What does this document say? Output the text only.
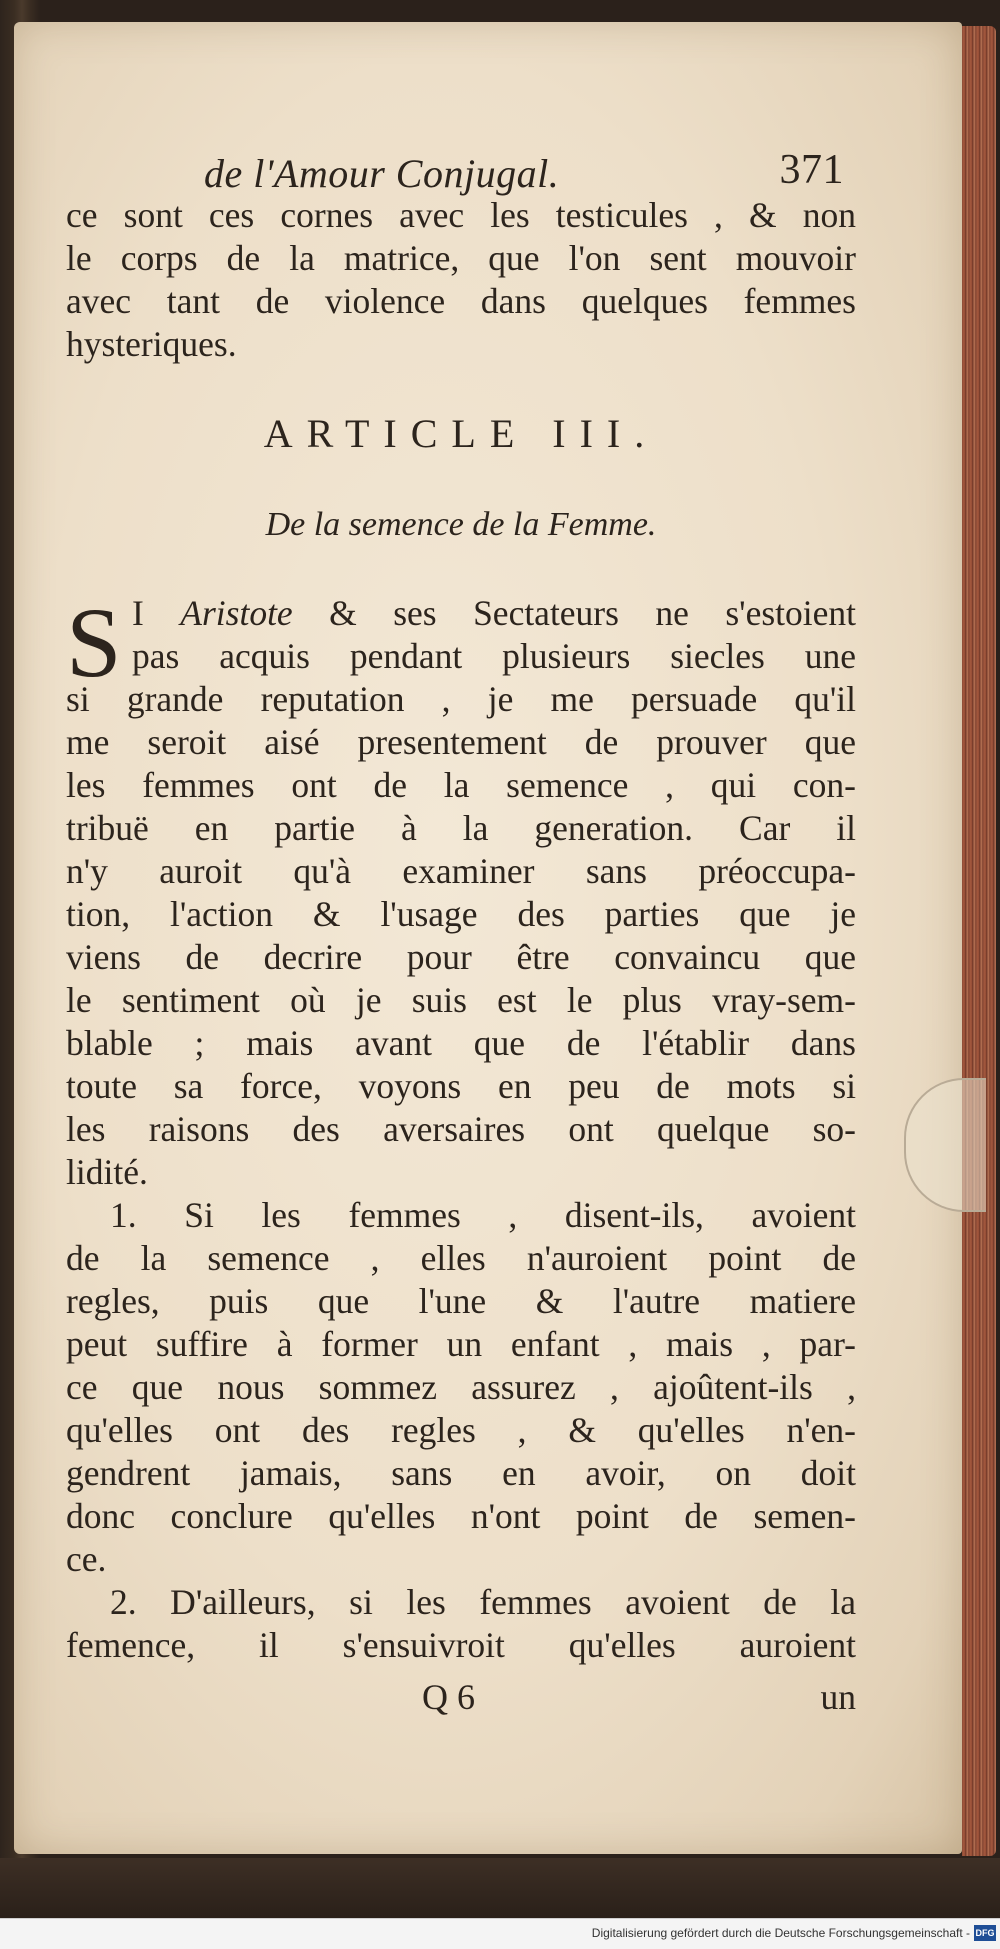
de l'Amour Conjugal.	371
ce sont ces cornes avec les testicules , & non
le corps de la matrice, que l'on sent mouvoir
avec tant de violence dans quelques femmes
hysteriques.
ARTICLE III.
De la semence de la Femme.
S I Aristote & ses Sectateurs ne s'estoient
pas acquis pendant plusieurs siecles une
si grande reputation , je me persuade qu'il
me seroit aisé presentement de prouver que
les femmes ont de la semence , qui con-
tribuë en partie à la generation. Car il
n'y auroit qu'à examiner sans préoccupa-
tion, l'action & l'usage des parties que je
viens de decrire pour être convaincu que
le sentiment où je suis est le plus vray-sem-
blable ; mais avant que de l'établir dans
toute sa force, voyons en peu de mots si
les raisons des aversaires ont quelque so-
lidité.
1. Si les femmes , disent-ils, avoient
de la semence , elles n'auroient point de
regles, puis que l'une & l'autre matiere
peut suffire à former un enfant , mais , par-
ce que nous sommez assurez , ajoûtent-ils ,
qu'elles ont des regles , & qu'elles n'en-
gendrent jamais, sans en avoir, on doit
donc conclure qu'elles n'ont point de semen-
ce.
2. D'ailleurs, si les femmes avoient de la
femence, il s'ensuivroit qu'elles auroient
Q 6	un
Digitalisierung gefördert durch die Deutsche Forschungsgemeinschaft - DFG
